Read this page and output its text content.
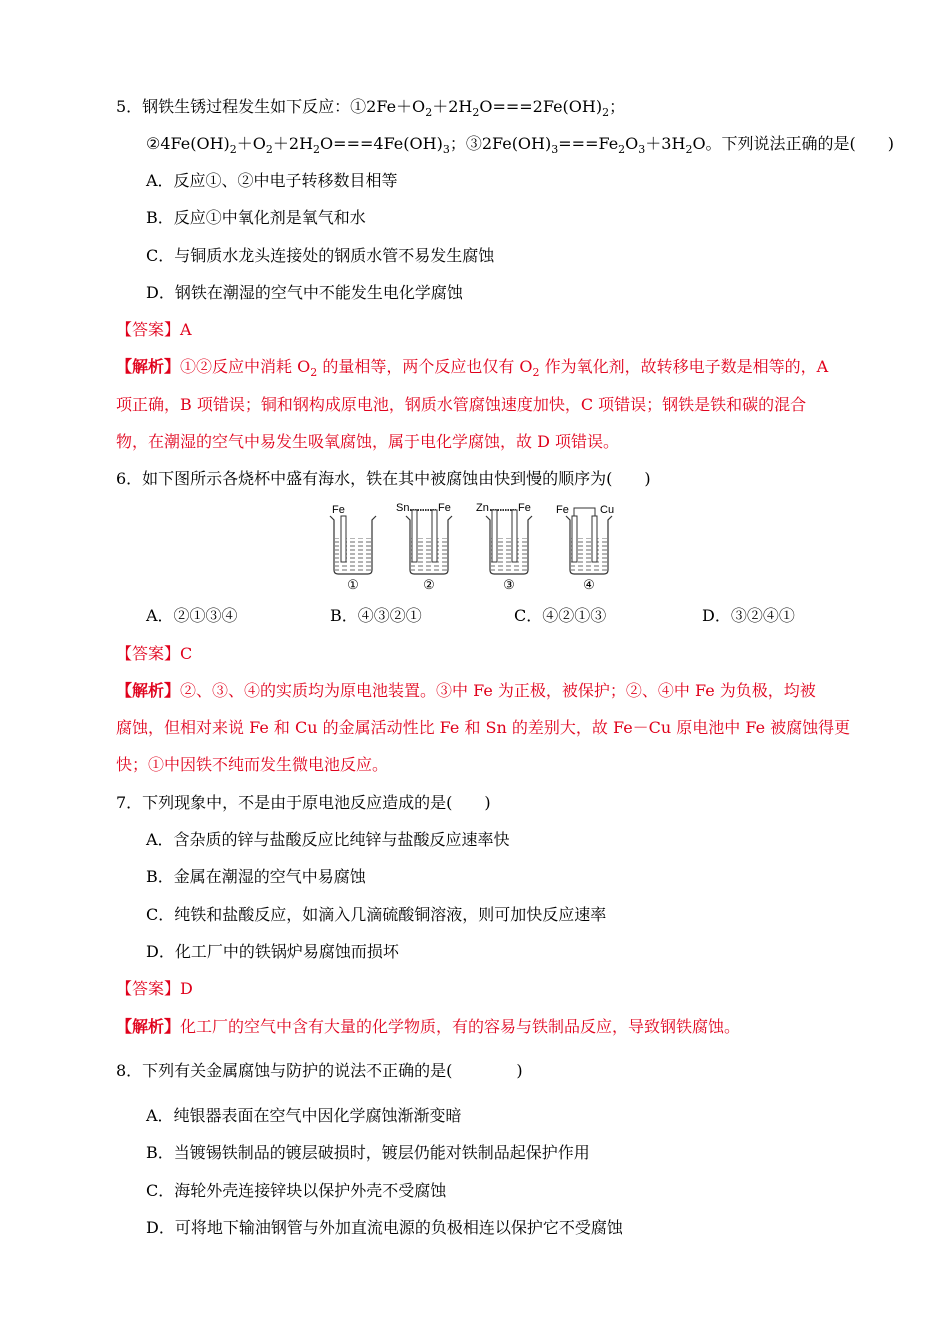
5．钢铁生锈过程发生如下反应：$①2Fe+O_2+2H_2O===2Fe(OH)_2$；
$②4Fe(OH)_2+O_2+2H_2O===4Fe(OH)_3$；$③2Fe(OH)_3===Fe_2O_3+3H_2O$。下列说法正确的是(　　)
A．反应①、②中电子转移数目相等
B．反应①中氧化剂是氧气和水
C．与铜质水龙头连接处的钢质水管不易发生腐蚀
D．钢铁在潮湿的空气中不能发生电化学腐蚀
【答案】A
【解析】①②反应中消耗 $O_2$ 的量相等，两个反应也仅有 $O_2$ 作为氧化剂，故转移电子数是相等的，A
项正确，B 项错误；铜和钢构成原电池，钢质水管腐蚀速度加快，C 项错误；钢铁是铁和碳的混合
物，在潮湿的空气中易发生吸氧腐蚀，属于电化学腐蚀，故 D 项错误。
6．如下图所示各烧杯中盛有海水，铁在其中被腐蚀由快到慢的顺序为(　　)
Fe
①
Sn	Fe
②
Zn	Fe
③
Fe	Cu
④
A．②①③④	B．④③②①	C．④②①③	D．③②④①
【答案】C
【解析】②、③、④的实质均为原电池装置。③中 Fe 为正极，被保护；②、④中 Fe 为负极，均被
腐蚀，但相对来说 Fe 和 Cu 的金属活动性比 Fe 和 Sn 的差别大，故 Fe－Cu 原电池中 Fe 被腐蚀得更
快；①中因铁不纯而发生微电池反应。
7．下列现象中，不是由于原电池反应造成的是(　　)
A．含杂质的锌与盐酸反应比纯锌与盐酸反应速率快
B．金属在潮湿的空气中易腐蚀
C．纯铁和盐酸反应，如滴入几滴硫酸铜溶液，则可加快反应速率
D．化工厂中的铁锅炉易腐蚀而损坏
【答案】D
【解析】化工厂的空气中含有大量的化学物质，有的容易与铁制品反应，导致钢铁腐蚀。
8．下列有关金属腐蚀与防护的说法不正确的是(　　　　)
A．纯银器表面在空气中因化学腐蚀渐渐变暗
B．当镀锡铁制品的镀层破损时，镀层仍能对铁制品起保护作用
C．海轮外壳连接锌块以保护外壳不受腐蚀
D．可将地下输油钢管与外加直流电源的负极相连以保护它不受腐蚀
